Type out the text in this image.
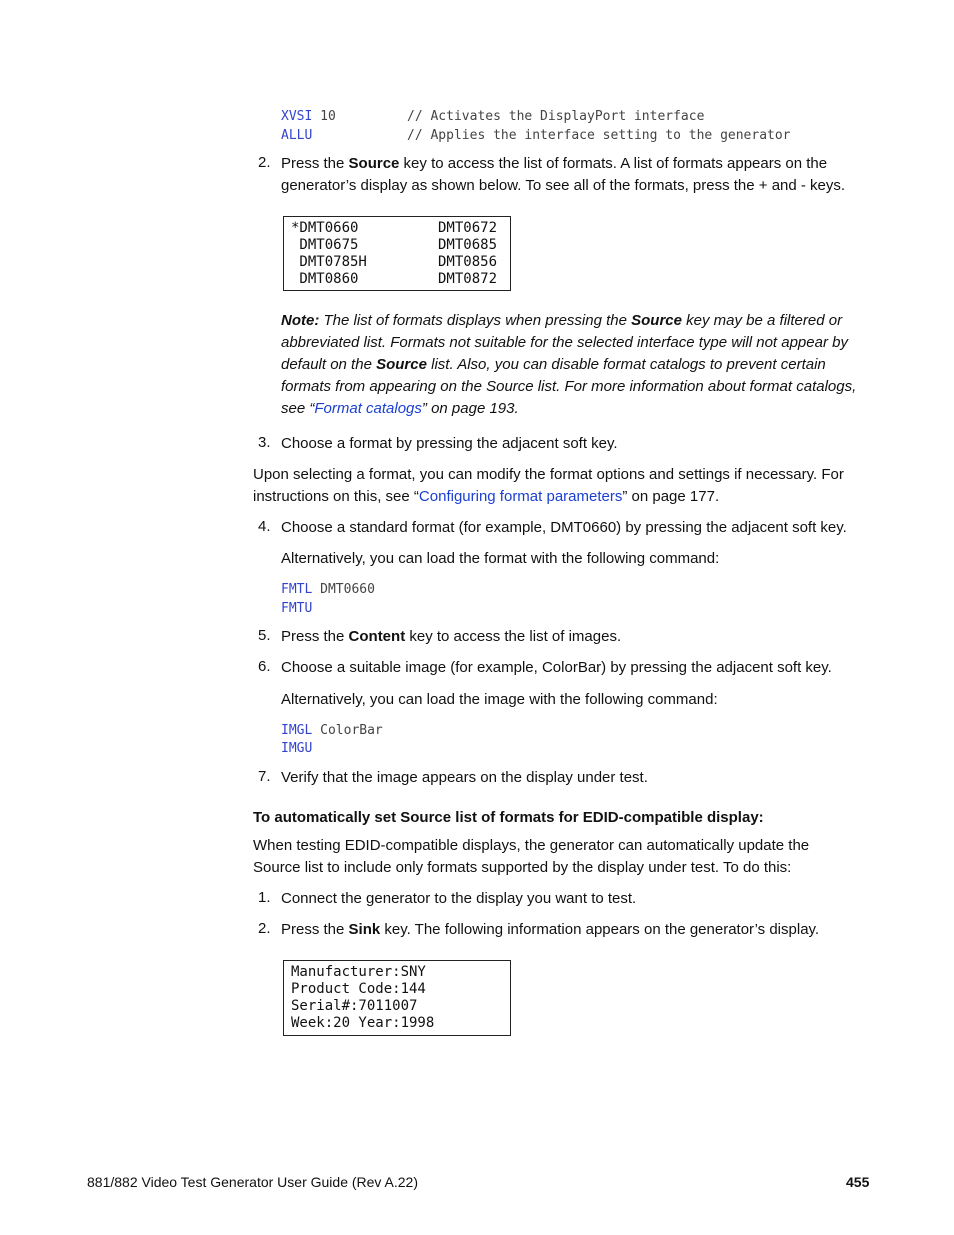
XVSI 10	// Activates the DisplayPort interface
ALLU	// Applies the interface setting to the generator
2. Press the Source key to access the list of formats. A list of formats appears on the generator’s display as shown below. To see all of the formats, press the + and - keys.
*DMT0660	DMT0672
DMT0675	DMT0685
DMT0785H	DMT0856
DMT0860	DMT0872
Note: The list of formats displays when pressing the Source key may be a filtered or abbreviated list. Formats not suitable for the selected interface type will not appear by default on the Source list. Also, you can disable format catalogs to prevent certain formats from appearing on the Source list. For more information about format catalogs, see “Format catalogs” on page 193.
3. Choose a format by pressing the adjacent soft key.
Upon selecting a format, you can modify the format options and settings if necessary. For instructions on this, see “Configuring format parameters” on page 177.
4. Choose a standard format (for example, DMT0660) by pressing the adjacent soft key.
Alternatively, you can load the format with the following command:
FMTL DMT0660
FMTU
5. Press the Content key to access the list of images.
6. Choose a suitable image (for example, ColorBar) by pressing the adjacent soft key.
Alternatively, you can load the image with the following command:
IMGL ColorBar
IMGU
7. Verify that the image appears on the display under test.
To automatically set Source list of formats for EDID-compatible display:
When testing EDID-compatible displays, the generator can automatically update the Source list to include only formats supported by the display under test. To do this:
1. Connect the generator to the display you want to test.
2. Press the Sink key. The following information appears on the generator’s display.
Manufacturer:SNY
Product Code:144
Serial#:7011007
Week:20 Year:1998
881/882 Video Test Generator User Guide (Rev A.22)	455
